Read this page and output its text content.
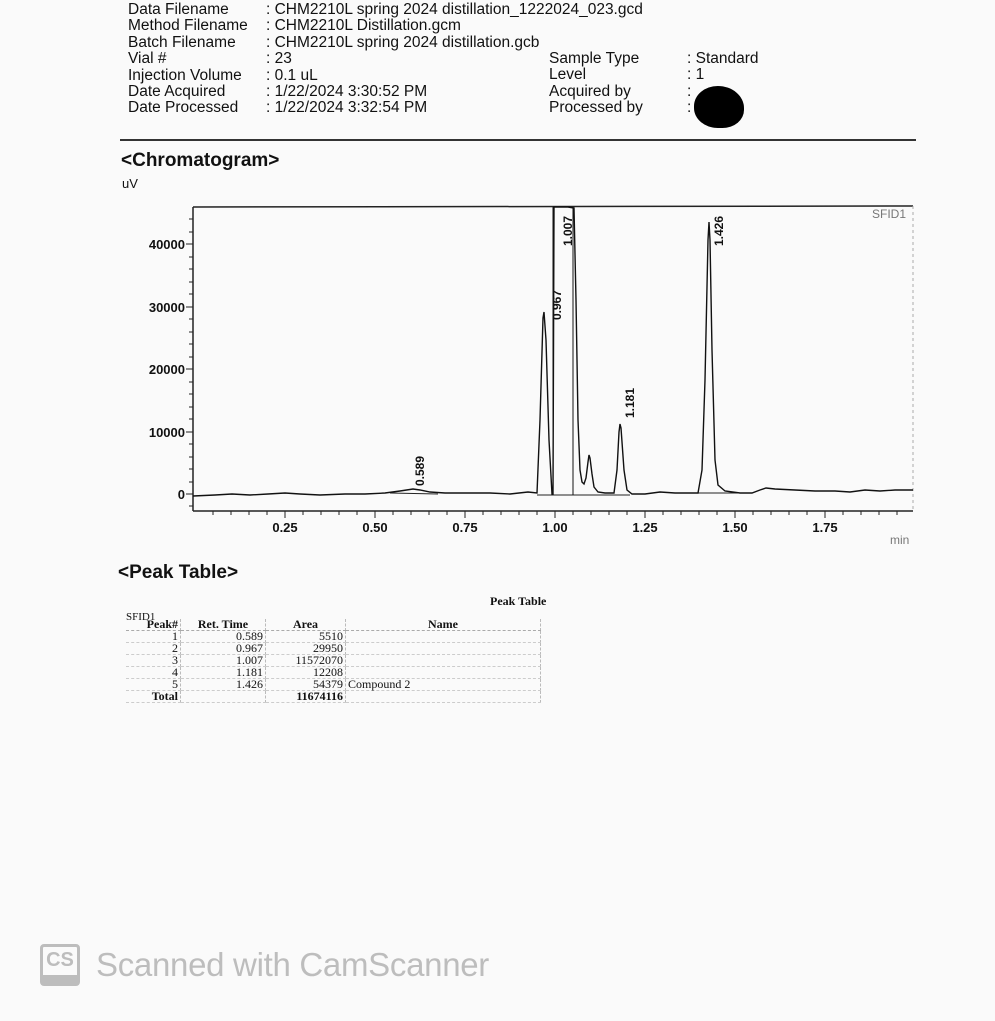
Data Filename	: CHM2210L spring 2024 distillation_1222024_023.gcd
Method Filename	: CHM2210L Distillation.gcm
Batch Filename	: CHM2210L spring 2024 distillation.gcb
Vial #	: 23
Injection Volume	: 0.1 uL
Date Acquired	: 1/22/2024 3:30:52 PM
Date Processed	: 1/22/2024 3:32:54 PM
Sample Type	: Standard
Level	: 1
Acquired by	:
Processed by	:
<Chromatogram>
uV
0
10000
20000
30000
40000
0.25	0.50	0.75	1.00	1.25	1.50	1.75
min
SFID1
0.589
0.967
1.007
1.181
1.426
<Peak Table>
Peak Table
SFID1
Peak#	Ret. Time	Area	Name
1	0.589	5510	
2	0.967	29950	
3	1.007	11572070	
4	1.181	12208	
5	1.426	54379	Compound 2
Total		11674116	
CS Scanned with CamScanner
